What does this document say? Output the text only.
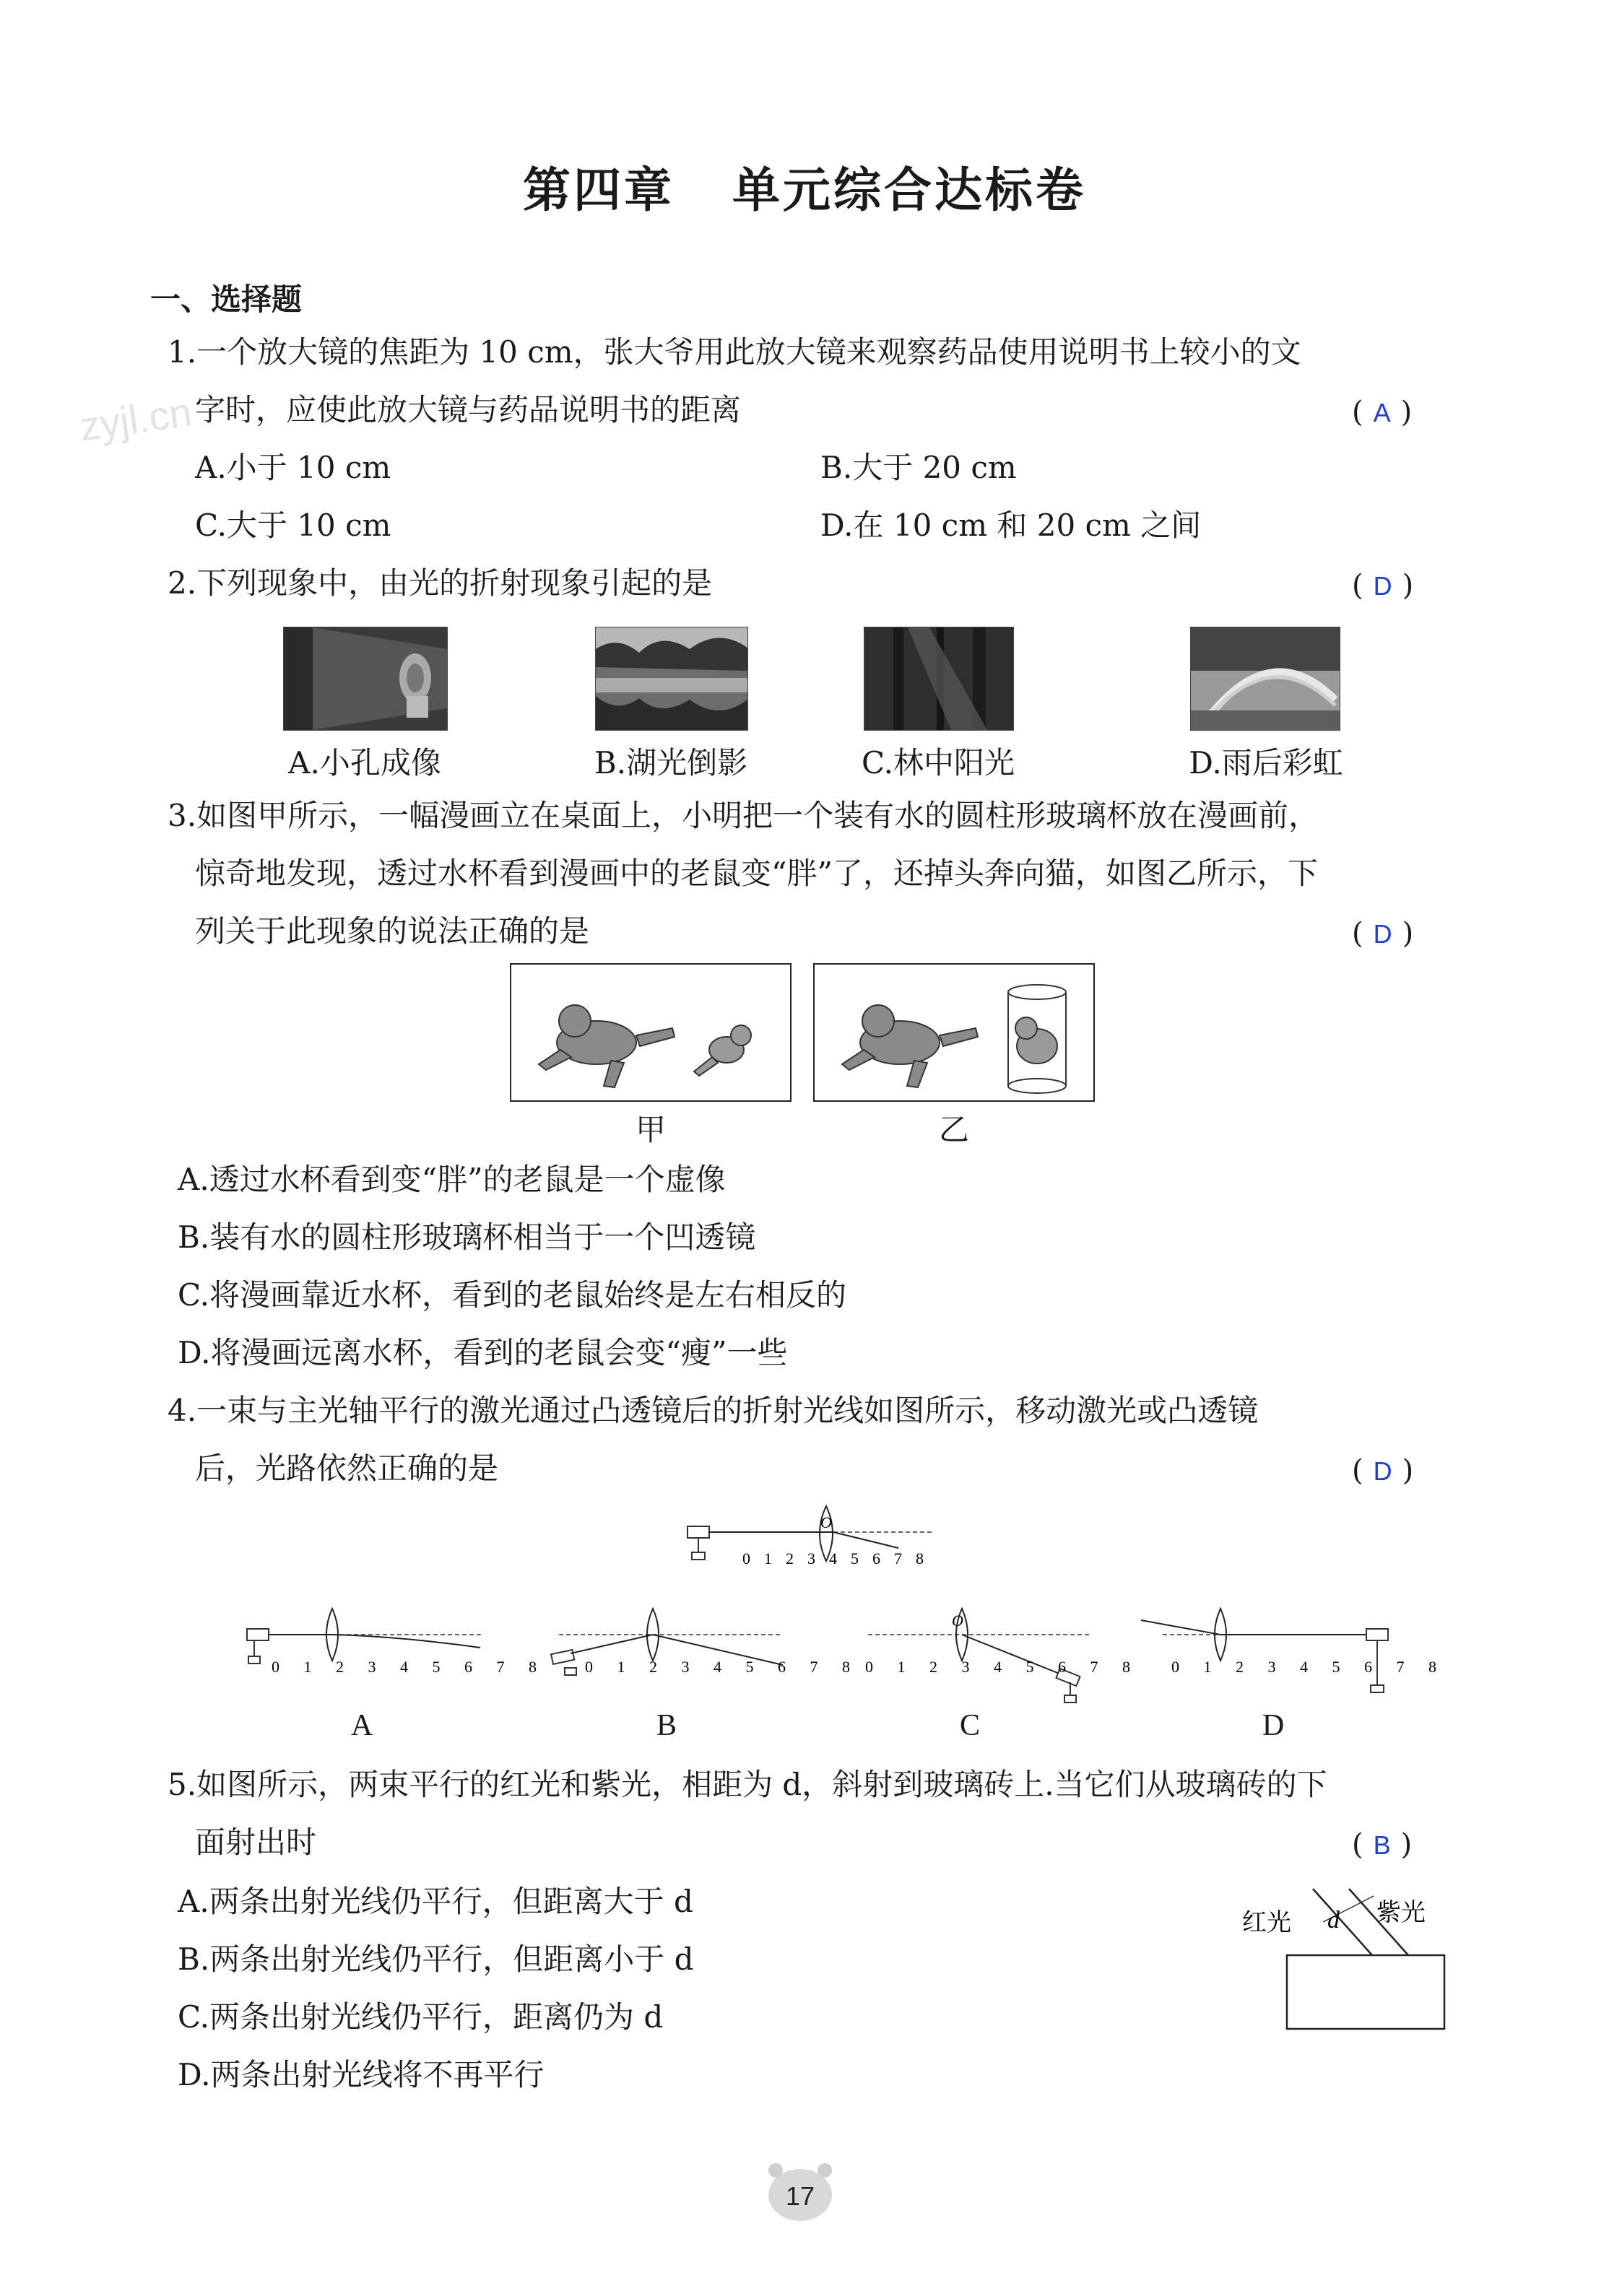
第四章 单元综合达标卷
一、选择题
zyjl.cn
1.一个放大镜的焦距为 10 cm，张大爷用此放大镜来观察药品使用说明书上较小的文
字时，应使此放大镜与药品说明书的距离	( A )
A.小于 10 cm	B.大于 20 cm
C.大于 10 cm	D.在 10 cm 和 20 cm 之间
2.下列现象中，由光的折射现象引起的是	( D )
A.小孔成像	B.湖光倒影	C.林中阳光	D.雨后彩虹
3.如图甲所示，一幅漫画立在桌面上，小明把一个装有水的圆柱形玻璃杯放在漫画前，
惊奇地发现，透过水杯看到漫画中的老鼠变“胖”了，还掉头奔向猫，如图乙所示，下
列关于此现象的说法正确的是	( D )
甲	乙
A.透过水杯看到变“胖”的老鼠是一个虚像
B.装有水的圆柱形玻璃杯相当于一个凹透镜
C.将漫画靠近水杯，看到的老鼠始终是左右相反的
D.将漫画远离水杯，看到的老鼠会变“瘦”一些
4.一束与主光轴平行的激光通过凸透镜后的折射光线如图所示，移动激光或凸透镜
后，光路依然正确的是	( D )
O
0 1 2 3 4 5 6 7 8
0 1 2 3 4 5 6 7 8 0 1 2 3 4 5 6 7 8
O
0 1 2 3 4 5 6 7 8 0 1 2 3 4 5 6 7 8
A	B	C	D
5.如图所示，两束平行的红光和紫光，相距为 d，斜射到玻璃砖上.当它们从玻璃砖的下
面射出时	( B )
A.两条出射光线仍平行，但距离大于 d
B.两条出射光线仍平行，但距离小于 d
C.两条出射光线仍平行，距离仍为 d
D.两条出射光线将不再平行
红光	紫光
d
17
